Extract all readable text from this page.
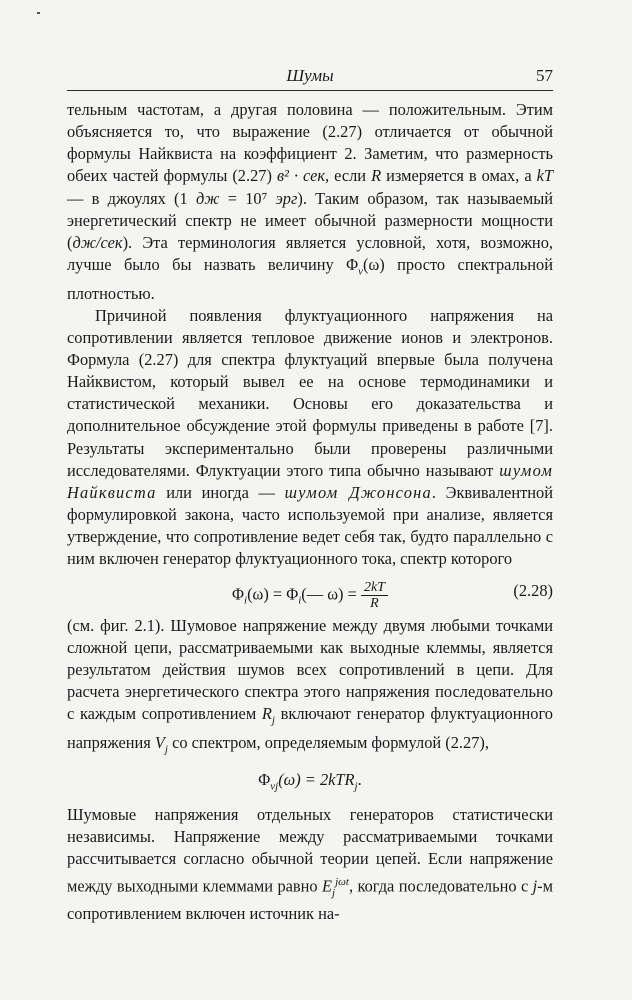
Шумы	57

тельным частотам, а другая половина — положительным. Этим объясняется то, что выражение (2.27) отличается от обычной формулы Найквиста на коэффициент 2. Заметим, что размерность обеих частей формулы (2.27) в² · сек, если R измеряется в омах, а kT — в джоулях (1 дж = 10⁷ эрг). Таким образом, так называемый энергетический спектр не имеет обычной размерности мощности (дж/сек). Эта терминология является условной, хотя, возможно, лучше было бы назвать величину $\Phi_v(\omega)$ просто спектральной плотностью.

Причиной появления флуктуационного напряжения на сопротивлении является тепловое движение ионов и электронов. Формула (2.27) для спектра флуктуаций впервые была получена Найквистом, который вывел ее на основе термодинамики и статистической механики. Основы его доказательства и дополнительное обсуждение этой формулы приведены в работе [7]. Результаты экспериментально были проверены различными исследователями. Флуктуации этого типа обычно называют шумом Найквиста или иногда — шумом Джонсона. Эквивалентной формулировкой закона, часто используемой при анализе, является утверждение, что сопротивление ведет себя так, будто параллельно с ним включен генератор флуктуационного тока, спектр которого

$\Phi_i(\omega)$ = $\Phi_i(—$ $\omega) = \frac{2kT}{R}$	(2.28)

(см. фиг. 2.1). Шумовое напряжение между двумя любыми точками сложной цепи, рассматриваемыми как выходные клеммы, является результатом действия шумов всех сопротивлений в цепи. Для расчета энергетического спектра этого напряжения последовательно с каждым сопротивлением $R_j$ включают генератор флуктуационного напряжения $V_j$ со спектром, определяемым формулой (2.27),

$\Phi_{vj}(\omega) = 2kTR_j$.

Шумовые напряжения отдельных генераторов статистически независимы. Напряжение между рассматриваемыми точками рассчитывается согласно обычной теории цепей. Если напряжение между выходными клеммами равно $E_j^{j\omega t}$, когда последовательно с j-м сопротивлением включен источник на-
